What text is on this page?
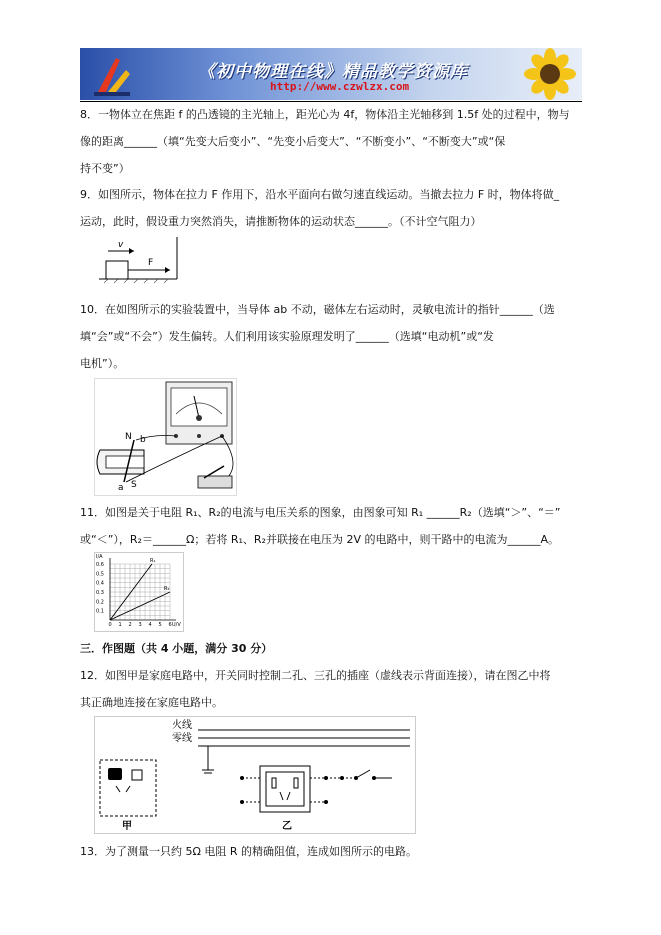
《初中物理在线》精品教学资源库
http://www.czwlzx.com
8．一物体立在焦距 f 的凸透镜的主光轴上，距光心为 4f，物体沿主光轴移到 1.5f 处的过程中，物与
像的距离______（填“先变大后变小”、“先变小后变大”、“不断变小”、“不断变大”或“保
持不变”）
9．如图所示，物体在拉力 F 作用下，沿水平面向右做匀速直线运动。当撤去拉力 F 时，物体将做_
运动，此时，假设重力突然消失，请推断物体的运动状态______。（不计空气阻力）
v
F
10．在如图所示的实验装置中，当导体 ab 不动，磁体左右运动时，灵敏电流计的指针______（选
填“会”或“不会”）发生偏转。人们利用该实验原理发明了______（选填“电动机”或“发
电机”）。
N
S
b
a
11．如图是关于电阻 R₁、R₂的电流与电压关系的图象，由图象可知 R₁ ______R₂（选填“＞”、“＝”
或“＜”），R₂＝______Ω；若将 R₁、R₂并联接在电压为 2V 的电路中，则干路中的电流为______A。
0 1 2 3 4 5 6
0.1
0.2
0.3
0.4
0.5
0.6
U/V
I/A
R₁
R₂
三．作图题（共 4 小题，满分 30 分）
12．如图甲是家庭电路中，开关同时控制二孔、三孔的插座（虚线表示背面连接），请在图乙中将
其正确地连接在家庭电路中。
火线
零线
甲	乙
13．为了测量一只约 5Ω 电阻 R 的精确阻值，连成如图所示的电路。
